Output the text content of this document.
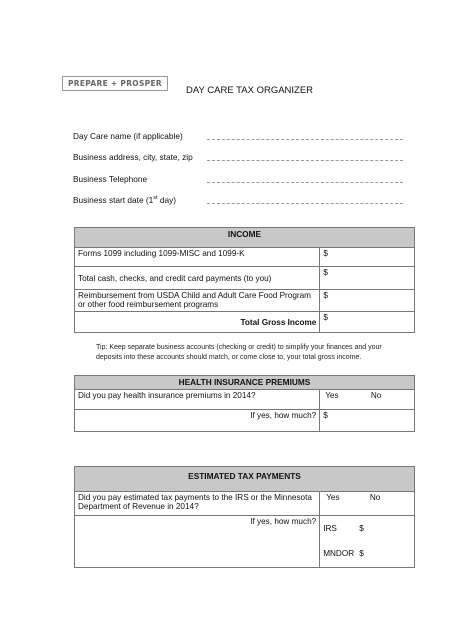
PREPARE + PROSPER
DAY CARE TAX ORGANIZER
Day Care name (if applicable)
Business address, city, state, zip
Business Telephone
Business start date (1st day)
INCOME	
Forms 1099 including 1099-MISC and 1099-K	$
Total cash, checks, and credit card payments (to you)	$
Reimbursement from USDA Child and Adult Care Food Program or other food reimbursement programs	$
Total Gross Income	$
Tip: Keep separate business accounts (checking or credit) to simplify your finances and your deposits into these accounts should match, or come close to, your total gross income.
HEALTH INSURANCE PREMIUMS	
Did you pay health insurance premiums in 2014?	Yes No
If yes, how much?	$
ESTIMATED TAX PAYMENTS	
Did you pay estimated tax payments to the IRS or the Minnesota Department of Revenue in 2014?	Yes No
If yes, how much?	IRS $
MNDOR $
